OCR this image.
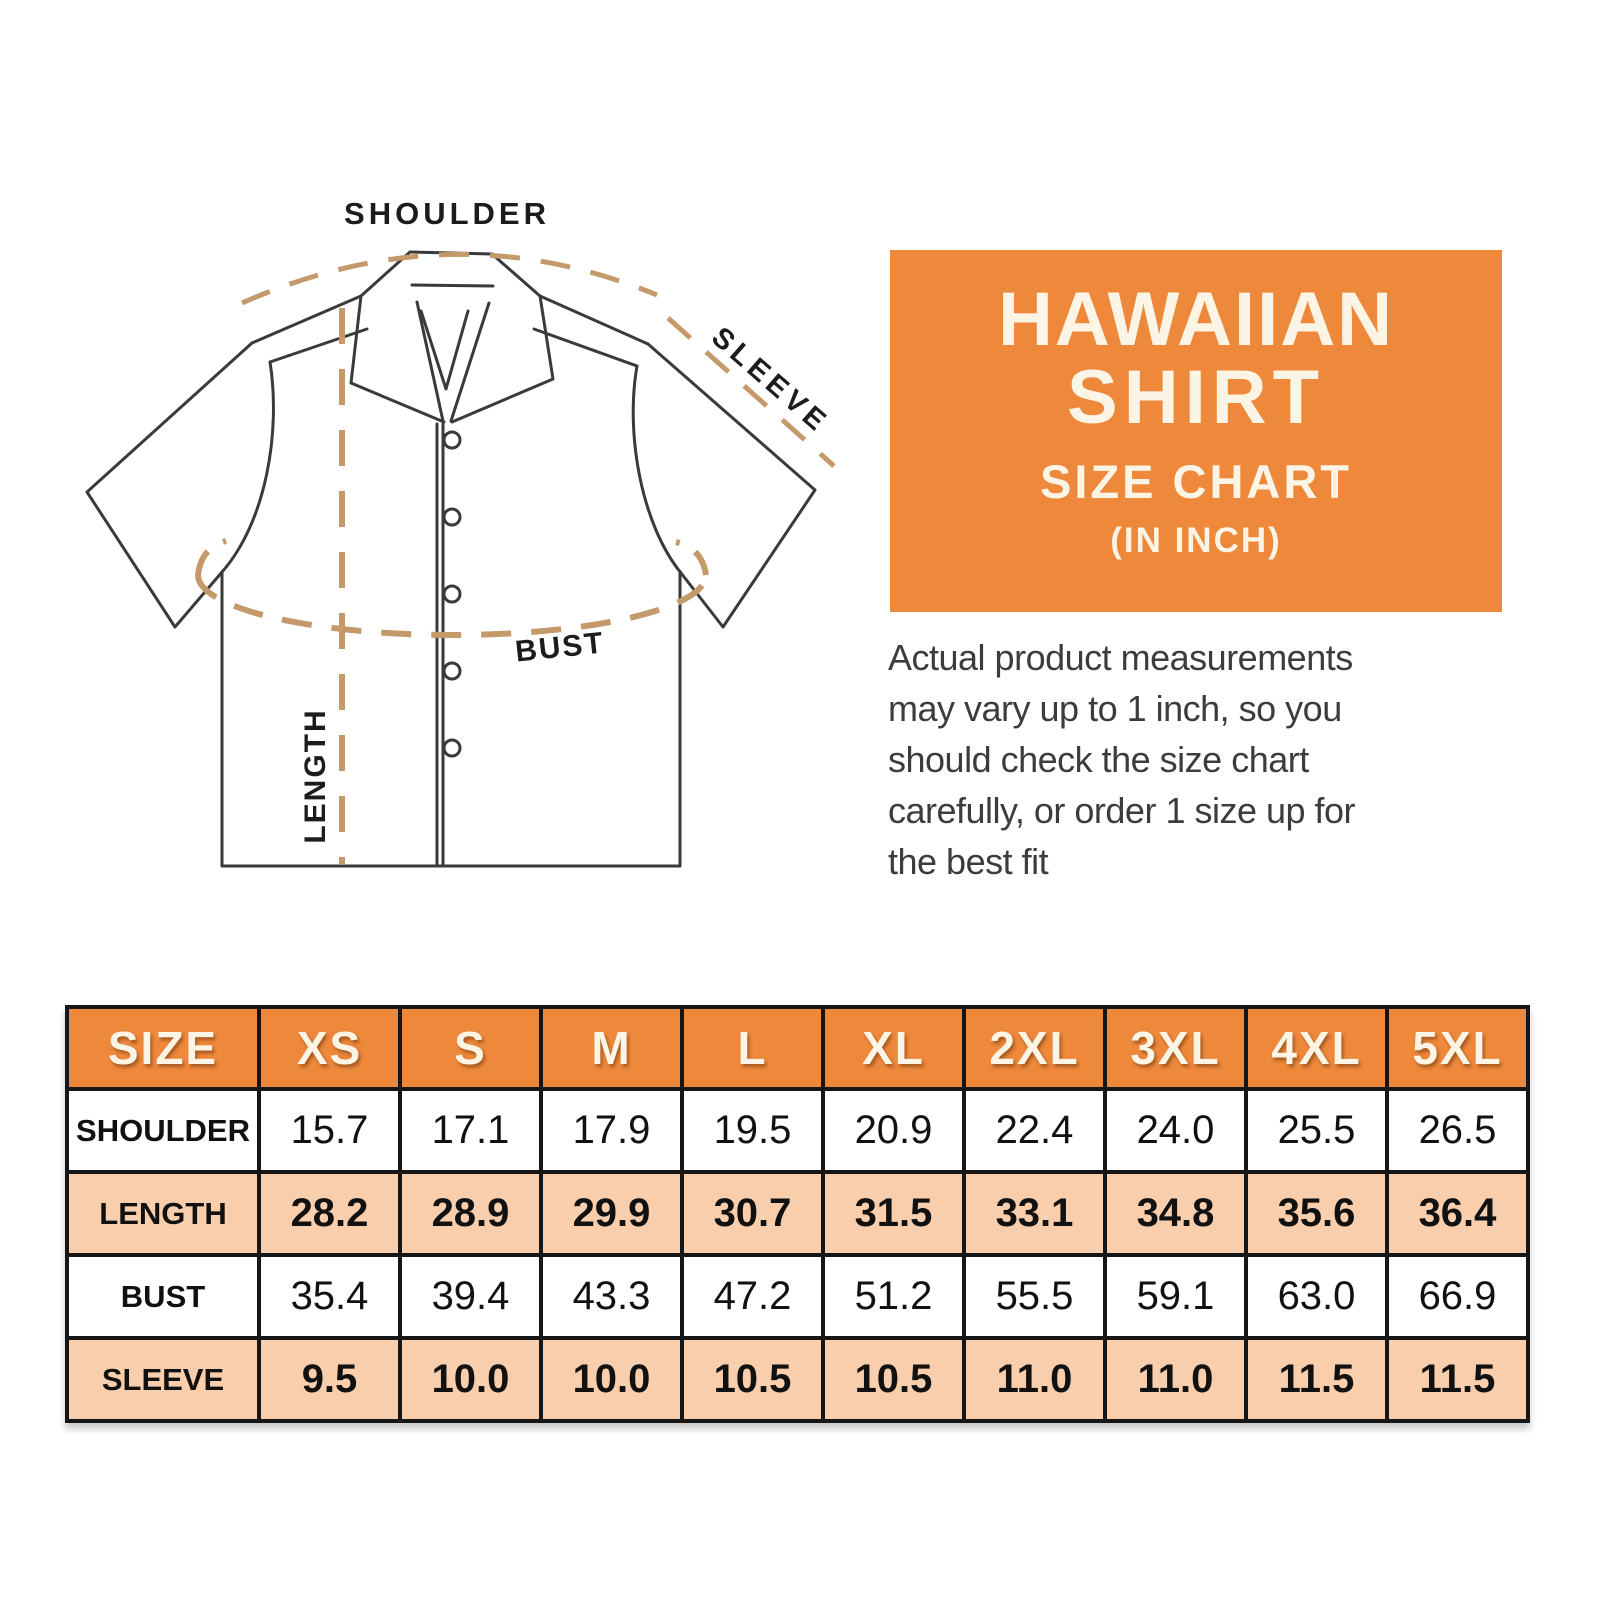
SHOULDER
SLEEVE
BUST
LENGTH
HAWAIIAN
SHIRT
SIZE CHART
(IN INCH)
Actual product measurements
may vary up to 1 inch, so you
should check the size chart
carefully, or order 1 size up for
the best fit
SIZE	XS	S	M	L	XL	2XL	3XL	4XL	5XL
SHOULDER	15.7	17.1	17.9	19.5	20.9	22.4	24.0	25.5	26.5
LENGTH	28.2	28.9	29.9	30.7	31.5	33.1	34.8	35.6	36.4
BUST	35.4	39.4	43.3	47.2	51.2	55.5	59.1	63.0	66.9
SLEEVE	9.5	10.0	10.0	10.5	10.5	11.0	11.0	11.5	11.5
